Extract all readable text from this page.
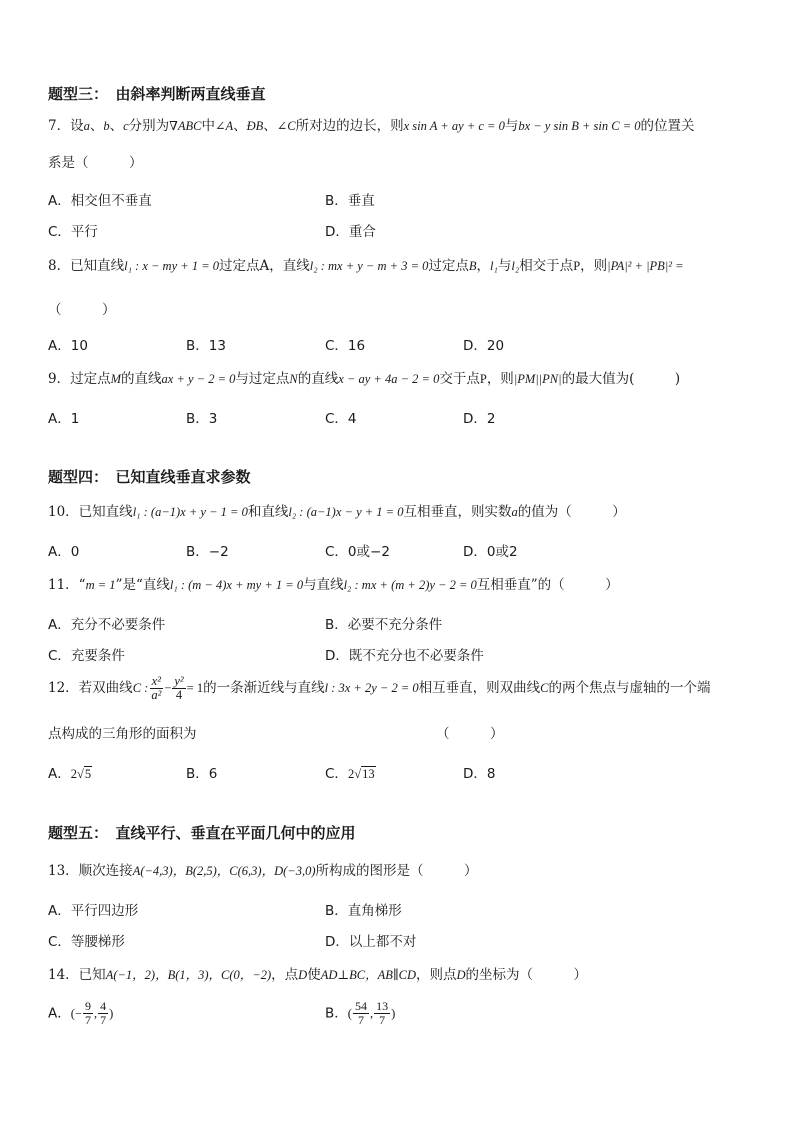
题型三：　由斜率判断两直线垂直
7．设a、b、c分别为∇ABC中∠A、ÐB、∠C所对边的边长，则x sin A + ay + c = 0与bx − y sin B + sin C = 0的位置关
系是（　　　）
A．相交但不垂直	B．垂直
C．平行	D．重合
8．已知直线l₁ : x − my + 1 = 0过定点A，直线l₂ : mx + y − m + 3 = 0过定点B，l₁与l₂相交于点P，则|PA|² + |PB|² =
（　　　）
A．10	B．13	C．16	D．20
9．过定点M的直线ax + y − 2 = 0与过定点N的直线x − ay + 4a − 2 = 0交于点P，则|PM||PN|的最大值为(　　　)
A．1	B．3	C．4	D．2
题型四：　已知直线垂直求参数
10．已知直线l₁ : (a−1)x + y − 1 = 0和直线l₂ : (a−1)x − y + 1 = 0互相垂直，则实数a的值为（　　　）
A．0	B．−2	C．0或−2	D．0或2
11．“m = 1”是“直线l₁ : (m − 4)x + my + 1 = 0与直线l₂ : mx + (m + 2)y − 2 = 0互相垂直”的（　　　）
A．充分不必要条件	B．必要不充分条件
C．充要条件	D．既不充分也不必要条件
12．若双曲线C : $\frac{\text{x²}}{\text{a²}} - \frac{\text{y²}}{4} = 1$的一条渐近线与直线l : 3x + 2y − 2 = 0相互垂直，则双曲线C的两个焦点与虚轴的一个端
点构成的三角形的面积为	（　　　）
A．2√5	B．6	C．2√13	D．8
题型五：　直线平行、垂直在平面几何中的应用
13．顺次连接A(−4,3)，B(2,5)，C(6,3)，D(−3,0)所构成的图形是（　　　）
A．平行四边形	B．直角梯形
C．等腰梯形	D．以上都不对
14．已知A(−1，2)，B(1，3)，C(0，−2)，点D使AD⊥BC，AB∥CD，则点D的坐标为（　　　）
A．(− $\frac{9}{7}$ , $\frac{4}{7}$ )	B．( $\frac{54}{7}$ , $\frac{13}{7}$ )
